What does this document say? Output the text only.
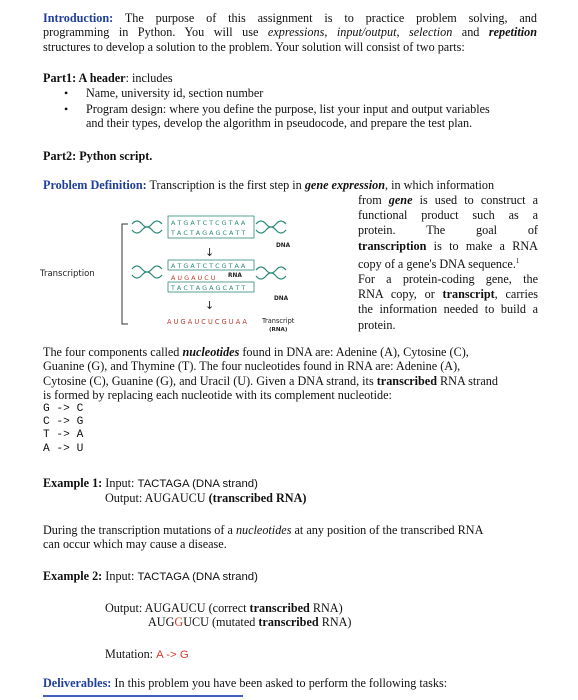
Introduction: The purpose of this assignment is to practice problem solving, and
programming in Python. You will use expressions, input/output, selection and repetition
structures to develop a solution to the problem. Your solution will consist of two parts:
Part1: A header: includes
• Name, university id, section number
• Program design: where you define the purpose, list your input and output variables
and their types, develop the algorithm in pseudocode, and prepare the test plan.
Part2: Python script.
Problem Definition: Transcription is the first step in gene expression, in which information
from gene is used to construct a
functional product such as a
protein. The goal of
transcription is to make a RNA
copy of a gene's DNA sequence.$^1$
For a protein-coding gene, the
RNA copy, or transcript, carries
the information needed to build a
protein.
Transcription
A T G A T C T C G T A A
T A C T A G A G C A T T
DNA
↓
A T G A T C T C G T A A
A U G A U C U RNA
T A C T A G A G C A T T
DNA
↓
A U G A U C U C G U A A Transcript
(RNA)
The four components called nucleotides found in DNA are: Adenine (A), Cytosine (C),
Guanine (G), and Thymine (T). The four nucleotides found in RNA are: Adenine (A),
Cytosine (C), Guanine (G), and Uracil (U). Given a DNA strand, its transcribed RNA strand
is formed by replacing each nucleotide with its complement nucleotide:
G -> C
C -> G
T -> A
A -> U
Example 1: Input: TACTAGA (DNA strand)
Output: AUGAUCU (transcribed RNA)
During the transcription mutations of a nucleotides at any position of the transcribed RNA
can occur which may cause a disease.
Example 2: Input: TACTAGA (DNA strand)
Output: AUGAUCU (correct transcribed RNA)
AUGGUCU (mutated transcribed RNA)
Mutation: A -> G
Deliverables: In this problem you have been asked to perform the following tasks:
